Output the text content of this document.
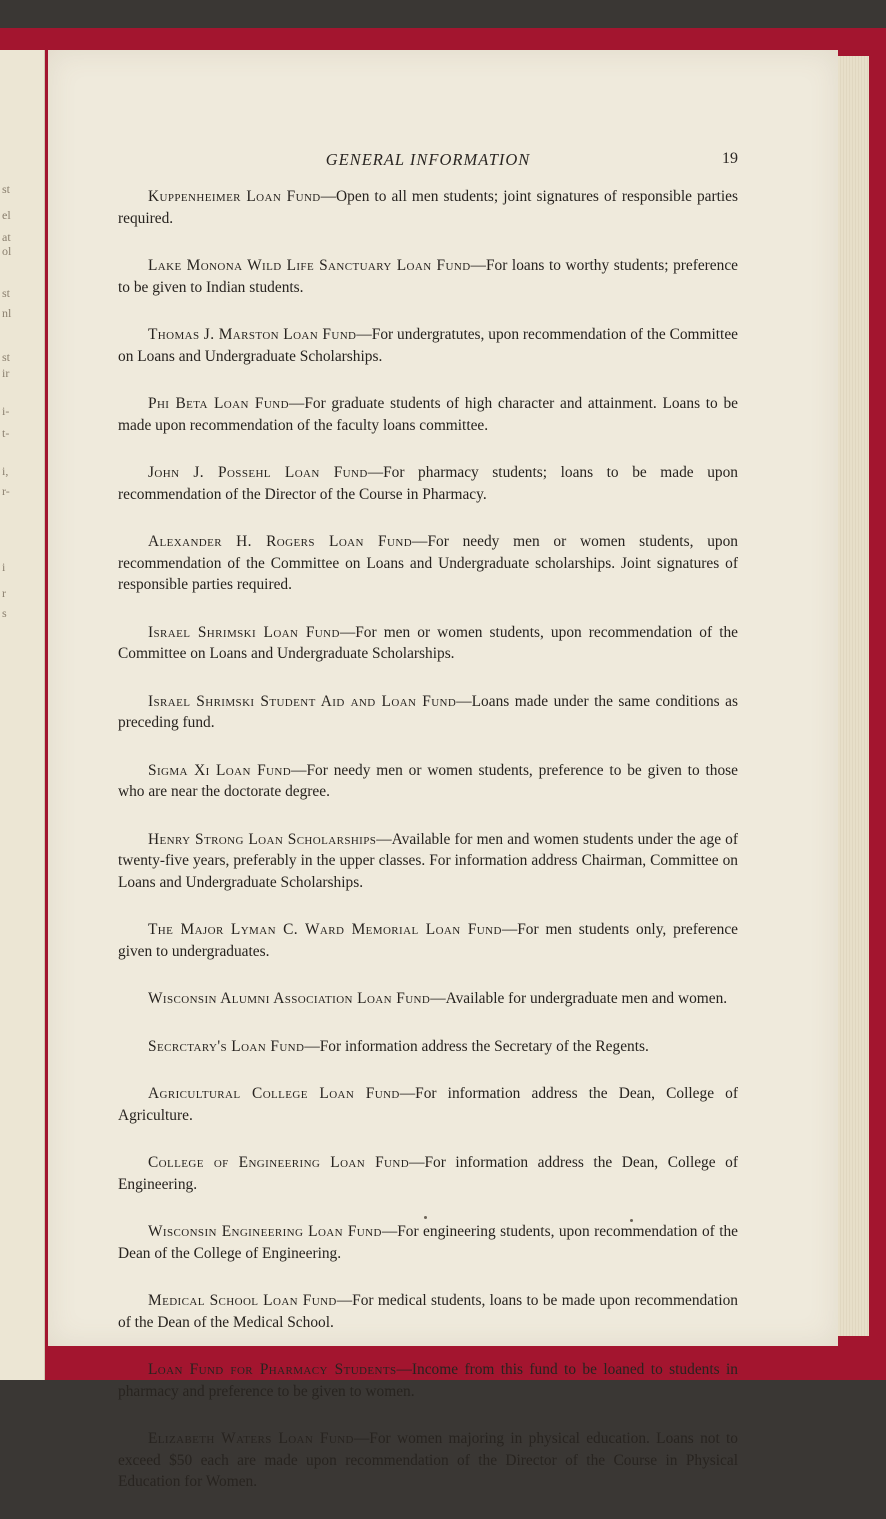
st
el
at
ol
st
nl
st
ir
i-
t-
i,
r-
i
r
s
GENERAL INFORMATION	19

Kuppenheimer Loan Fund—Open to all men students; joint signatures of responsible parties required.

Lake Monona Wild Life Sanctuary Loan Fund—For loans to worthy students; preference to be given to Indian students.

Thomas J. Marston Loan Fund—For undergratutes, upon recommendation of the Committee on Loans and Undergraduate Scholarships.

Phi Beta Loan Fund—For graduate students of high character and attainment. Loans to be made upon recommendation of the faculty loans committee.

John J. Possehl Loan Fund—For pharmacy students; loans to be made upon recommendation of the Director of the Course in Pharmacy.

Alexander H. Rogers Loan Fund—For needy men or women students, upon recommendation of the Committee on Loans and Undergraduate scholarships. Joint signatures of responsible parties required.

Israel Shrimski Loan Fund—For men or women students, upon recommendation of the Committee on Loans and Undergraduate Scholarships.

Israel Shrimski Student Aid and Loan Fund—Loans made under the same conditions as preceding fund.

Sigma Xi Loan Fund—For needy men or women students, preference to be given to those who are near the doctorate degree.

Henry Strong Loan Scholarships—Available for men and women students under the age of twenty-five years, preferably in the upper classes. For information address Chairman, Committee on Loans and Undergraduate Scholarships.

The Major Lyman C. Ward Memorial Loan Fund—For men students only, preference given to undergraduates.

Wisconsin Alumni Association Loan Fund—Available for undergraduate men and women.

Secrctary's Loan Fund—For information address the Secretary of the Regents.

Agricultural College Loan Fund—For information address the Dean, College of Agriculture.

College of Engineering Loan Fund—For information address the Dean, College of Engineering.

Wisconsin Engineering Loan Fund—For engineering students, upon recommendation of the Dean of the College of Engineering.

Medical School Loan Fund—For medical students, loans to be made upon recommendation of the Dean of the Medical School.

Loan Fund for Pharmacy Students—Income from this fund to be loaned to students in pharmacy and preference to be given to women.

Elizabeth Waters Loan Fund—For women majoring in physical education. Loans not to exceed $50 each are made upon recommendation of the Director of the Course in Physical Education for Women.
